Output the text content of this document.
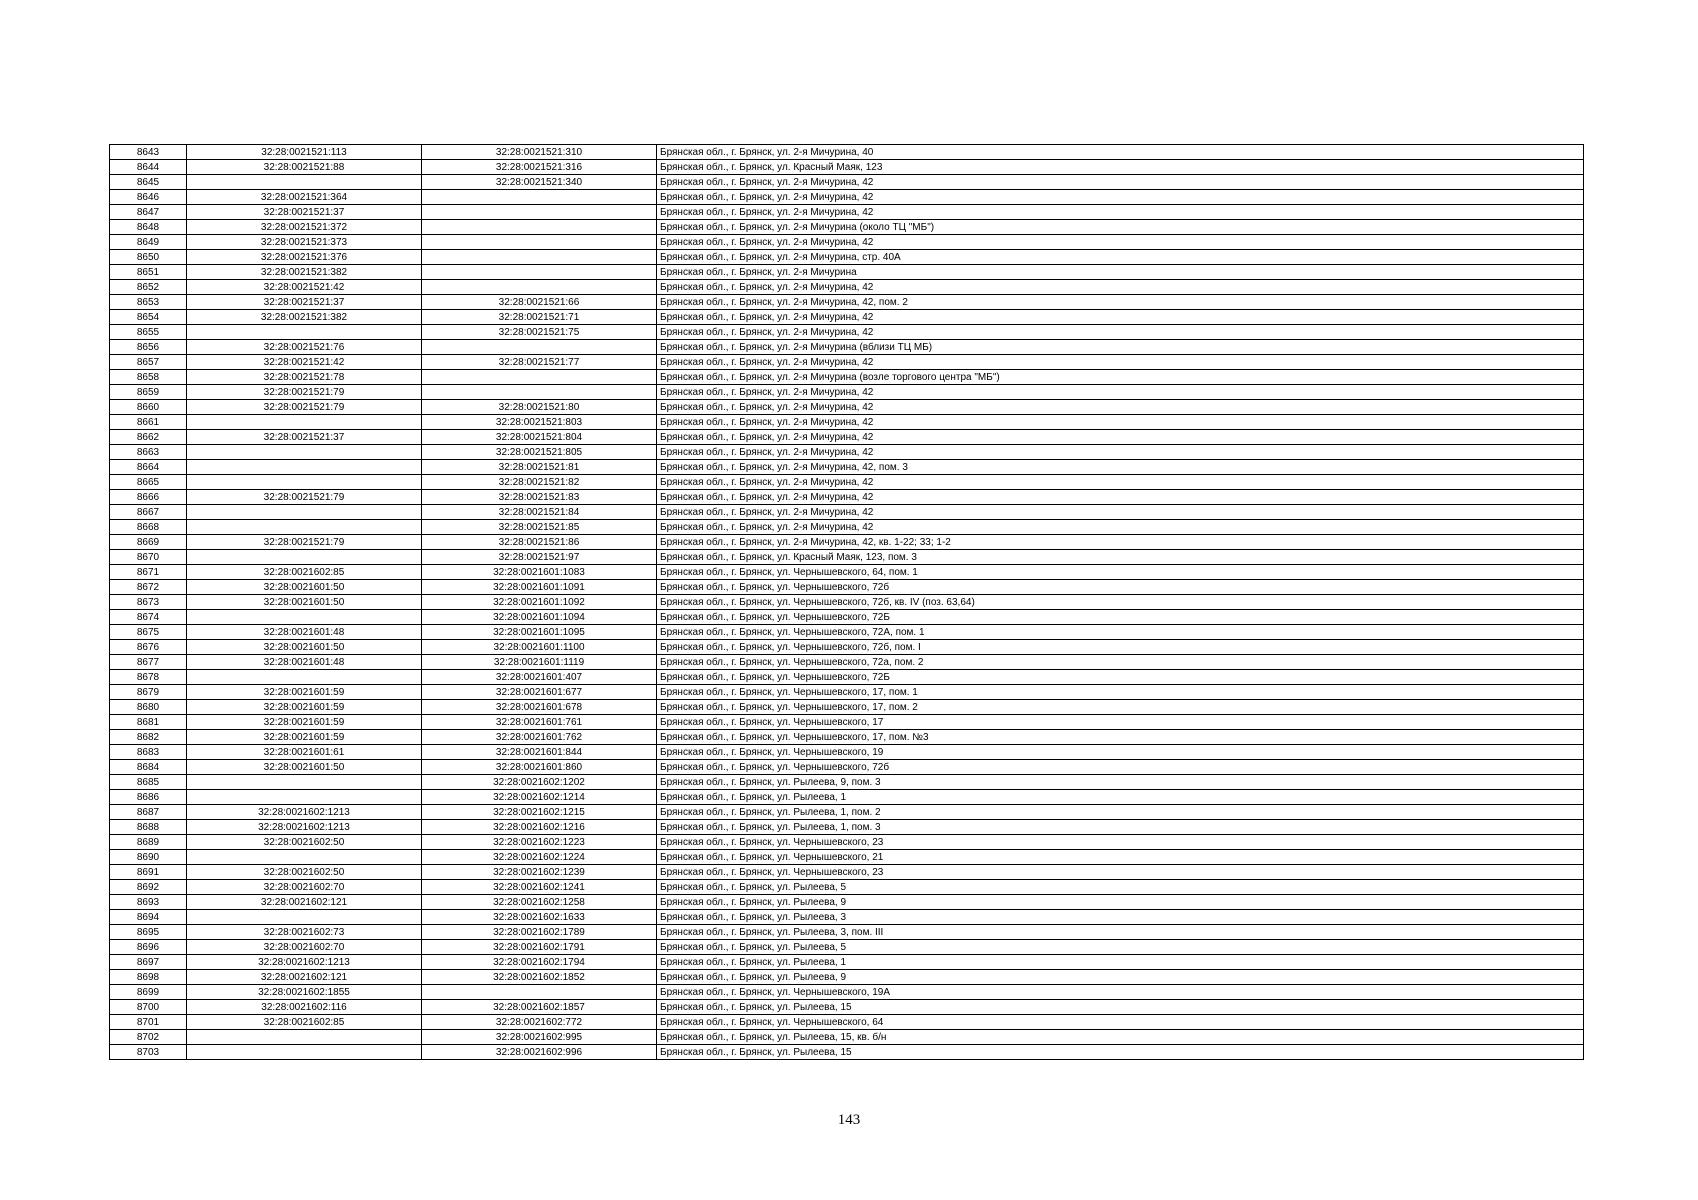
8643	32:28:0021521:113	32:28:0021521:310	Брянская обл., г. Брянск, ул. 2-я Мичурина, 40
8644	32:28:0021521:88	32:28:0021521:316	Брянская обл., г. Брянск, ул. Красный Маяк, 123
8645		32:28:0021521:340	Брянская обл., г. Брянск, ул. 2-я Мичурина, 42
8646	32:28:0021521:364		Брянская обл., г. Брянск, ул. 2-я Мичурина, 42
8647	32:28:0021521:37		Брянская обл., г. Брянск, ул. 2-я Мичурина, 42
8648	32:28:0021521:372		Брянская обл., г. Брянск, ул. 2-я Мичурина (около ТЦ "МБ")
8649	32:28:0021521:373		Брянская обл., г. Брянск, ул. 2-я Мичурина, 42
8650	32:28:0021521:376		Брянская обл., г. Брянск, ул. 2-я Мичурина, стр. 40А
8651	32:28:0021521:382		Брянская обл., г. Брянск, ул. 2-я Мичурина
8652	32:28:0021521:42		Брянская обл., г. Брянск, ул. 2-я Мичурина, 42
8653	32:28:0021521:37	32:28:0021521:66	Брянская обл., г. Брянск, ул. 2-я Мичурина, 42, пом. 2
8654	32:28:0021521:382	32:28:0021521:71	Брянская обл., г. Брянск, ул. 2-я Мичурина, 42
8655		32:28:0021521:75	Брянская обл., г. Брянск, ул. 2-я Мичурина, 42
8656	32:28:0021521:76		Брянская обл., г. Брянск, ул. 2-я Мичурина (вблизи ТЦ МБ)
8657	32:28:0021521:42	32:28:0021521:77	Брянская обл., г. Брянск, ул. 2-я Мичурина, 42
8658	32:28:0021521:78		Брянская обл., г. Брянск, ул. 2-я Мичурина (возле торгового центра "МБ")
8659	32:28:0021521:79		Брянская обл., г. Брянск, ул. 2-я Мичурина, 42
8660	32:28:0021521:79	32:28:0021521:80	Брянская обл., г. Брянск, ул. 2-я Мичурина, 42
8661		32:28:0021521:803	Брянская обл., г. Брянск, ул. 2-я Мичурина, 42
8662	32:28:0021521:37	32:28:0021521:804	Брянская обл., г. Брянск, ул. 2-я Мичурина, 42
8663		32:28:0021521:805	Брянская обл., г. Брянск, ул. 2-я Мичурина, 42
8664		32:28:0021521:81	Брянская обл., г. Брянск, ул. 2-я Мичурина, 42, пом. 3
8665		32:28:0021521:82	Брянская обл., г. Брянск, ул. 2-я Мичурина, 42
8666	32:28:0021521:79	32:28:0021521:83	Брянская обл., г. Брянск, ул. 2-я Мичурина, 42
8667		32:28:0021521:84	Брянская обл., г. Брянск, ул. 2-я Мичурина, 42
8668		32:28:0021521:85	Брянская обл., г. Брянск, ул. 2-я Мичурина, 42
8669	32:28:0021521:79	32:28:0021521:86	Брянская обл., г. Брянск, ул. 2-я Мичурина, 42, кв. 1-22; 33; 1-2
8670		32:28:0021521:97	Брянская обл., г. Брянск, ул. Красный Маяк, 123, пом. 3
8671	32:28:0021602:85	32:28:0021601:1083	Брянская обл., г. Брянск, ул. Чернышевского, 64, пом. 1
8672	32:28:0021601:50	32:28:0021601:1091	Брянская обл., г. Брянск, ул. Чернышевского, 72б
8673	32:28:0021601:50	32:28:0021601:1092	Брянская обл., г. Брянск, ул. Чернышевского, 72б, кв. IV (поз. 63,64)
8674		32:28:0021601:1094	Брянская обл., г. Брянск, ул. Чернышевского, 72Б
8675	32:28:0021601:48	32:28:0021601:1095	Брянская обл., г. Брянск, ул. Чернышевского, 72А, пом. 1
8676	32:28:0021601:50	32:28:0021601:1100	Брянская обл., г. Брянск, ул. Чернышевского, 72б, пом. I
8677	32:28:0021601:48	32:28:0021601:1119	Брянская обл., г. Брянск, ул. Чернышевского, 72а, пом. 2
8678		32:28:0021601:407	Брянская обл., г. Брянск, ул. Чернышевского, 72Б
8679	32:28:0021601:59	32:28:0021601:677	Брянская обл., г. Брянск, ул. Чернышевского, 17, пом. 1
8680	32:28:0021601:59	32:28:0021601:678	Брянская обл., г. Брянск, ул. Чернышевского, 17, пом. 2
8681	32:28:0021601:59	32:28:0021601:761	Брянская обл., г. Брянск, ул. Чернышевского, 17
8682	32:28:0021601:59	32:28:0021601:762	Брянская обл., г. Брянск, ул. Чернышевского, 17, пом. №3
8683	32:28:0021601:61	32:28:0021601:844	Брянская обл., г. Брянск, ул. Чернышевского, 19
8684	32:28:0021601:50	32:28:0021601:860	Брянская обл., г. Брянск, ул. Чернышевского, 72б
8685		32:28:0021602:1202	Брянская обл., г. Брянск, ул. Рылеева, 9, пом. 3
8686		32:28:0021602:1214	Брянская обл., г. Брянск, ул. Рылеева, 1
8687	32:28:0021602:1213	32:28:0021602:1215	Брянская обл., г. Брянск, ул. Рылеева, 1, пом. 2
8688	32:28:0021602:1213	32:28:0021602:1216	Брянская обл., г. Брянск, ул. Рылеева, 1, пом. 3
8689	32:28:0021602:50	32:28:0021602:1223	Брянская обл., г. Брянск, ул. Чернышевского, 23
8690		32:28:0021602:1224	Брянская обл., г. Брянск, ул. Чернышевского, 21
8691	32:28:0021602:50	32:28:0021602:1239	Брянская обл., г. Брянск, ул. Чернышевского, 23
8692	32:28:0021602:70	32:28:0021602:1241	Брянская обл., г. Брянск, ул. Рылеева, 5
8693	32:28:0021602:121	32:28:0021602:1258	Брянская обл., г. Брянск, ул. Рылеева, 9
8694		32:28:0021602:1633	Брянская обл., г. Брянск, ул. Рылеева, 3
8695	32:28:0021602:73	32:28:0021602:1789	Брянская обл., г. Брянск, ул. Рылеева, 3, пом. III
8696	32:28:0021602:70	32:28:0021602:1791	Брянская обл., г. Брянск, ул. Рылеева, 5
8697	32:28:0021602:1213	32:28:0021602:1794	Брянская обл., г. Брянск, ул. Рылеева, 1
8698	32:28:0021602:121	32:28:0021602:1852	Брянская обл., г. Брянск, ул. Рылеева, 9
8699	32:28:0021602:1855		Брянская обл., г. Брянск, ул. Чернышевского, 19А
8700	32:28:0021602:116	32:28:0021602:1857	Брянская обл., г. Брянск, ул. Рылеева, 15
8701	32:28:0021602:85	32:28:0021602:772	Брянская обл., г. Брянск, ул. Чернышевского, 64
8702		32:28:0021602:995	Брянская обл., г. Брянск, ул. Рылеева, 15, кв. б/н
8703		32:28:0021602:996	Брянская обл., г. Брянск, ул. Рылеева, 15
143
